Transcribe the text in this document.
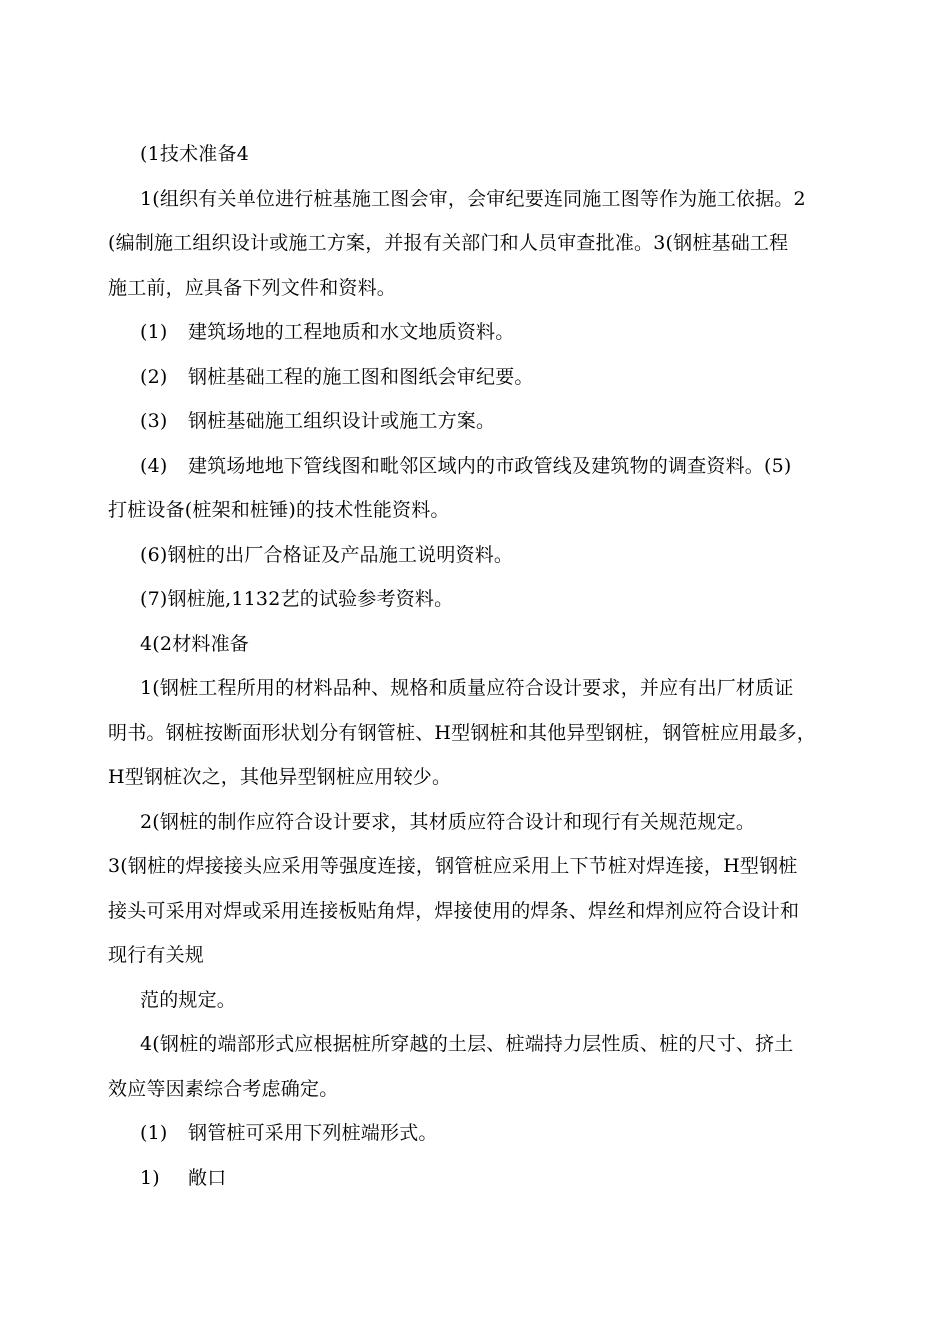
(1技术准备4
1(组织有关单位进行桩基施工图会审，会审纪要连同施工图等作为施工依据。2
(编制施工组织设计或施工方案，并报有关部门和人员审查批准。3(钢桩基础工程
施工前，应具备下列文件和资料。
(1) 建筑场地的工程地质和水文地质资料。
(2) 钢桩基础工程的施工图和图纸会审纪要。
(3) 钢桩基础施工组织设计或施工方案。
(4) 建筑场地地下管线图和毗邻区域内的市政管线及建筑物的调查资料。(5)
打桩设备(桩架和桩锤)的技术性能资料。
(6)钢桩的出厂合格证及产品施工说明资料。
(7)钢桩施,1132艺的试验参考资料。
4(2材料准备
1(钢桩工程所用的材料品种、规格和质量应符合设计要求，并应有出厂材质证
明书。钢桩按断面形状划分有钢管桩、H型钢桩和其他异型钢桩，钢管桩应用最多，
H型钢桩次之，其他异型钢桩应用较少。
2(钢桩的制作应符合设计要求，其材质应符合设计和现行有关规范规定。
3(钢桩的焊接接头应采用等强度连接，钢管桩应采用上下节桩对焊连接，H型钢桩
接头可采用对焊或采用连接板贴角焊，焊接使用的焊条、焊丝和焊剂应符合设计和
现行有关规
范的规定。
4(钢桩的端部形式应根据桩所穿越的土层、桩端持力层性质、桩的尺寸、挤土
效应等因素综合考虑确定。
(1) 钢管桩可采用下列桩端形式。
1) 敞口
